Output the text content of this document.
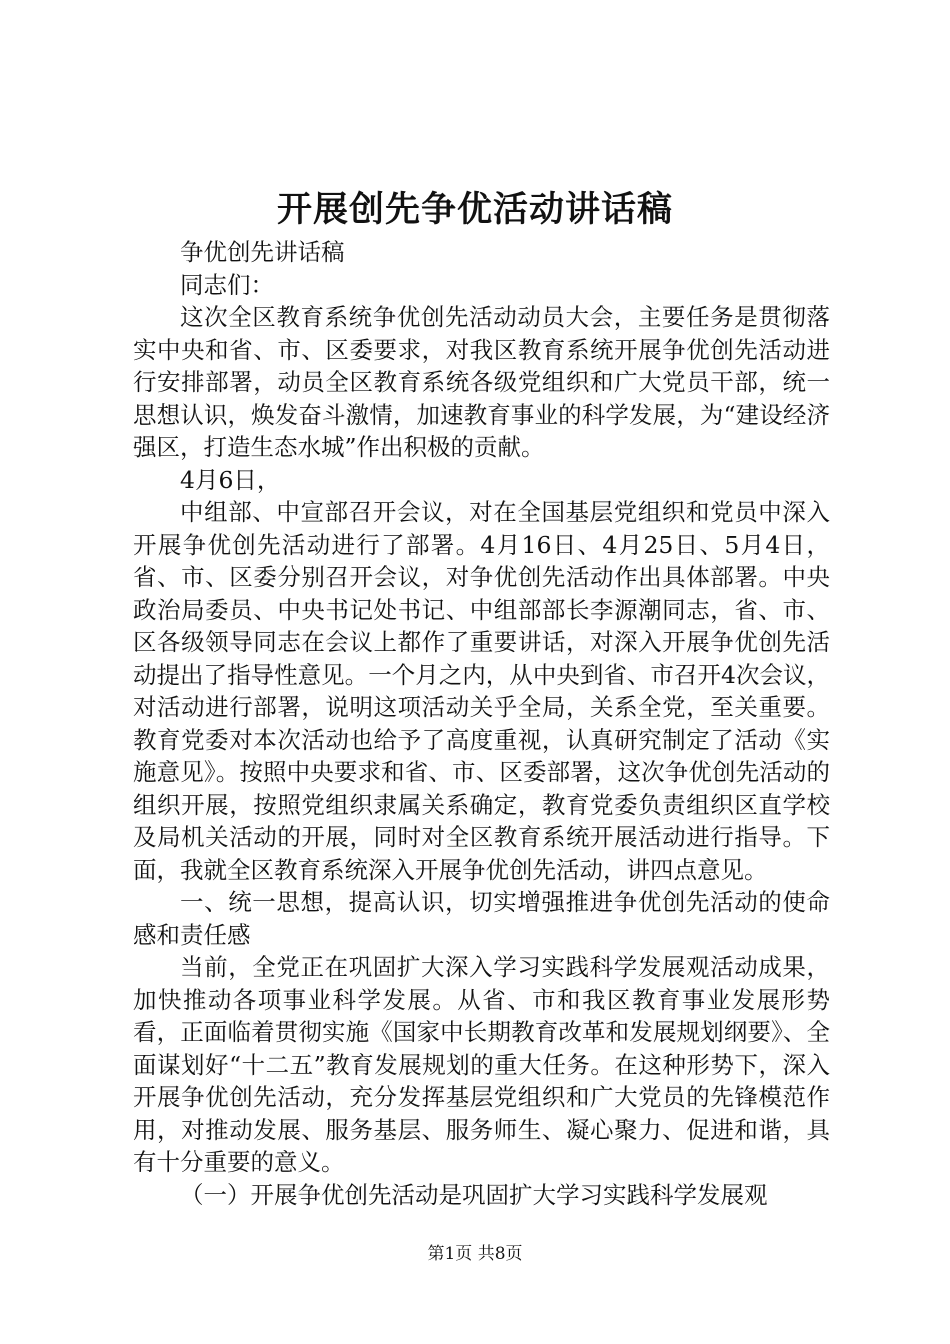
开展创先争优活动讲话稿

争优创先讲话稿

同志们：

这次全区教育系统争优创先活动动员大会，主要任务是贯彻落实中央和省、市、区委要求，对我区教育系统开展争优创先活动进行安排部署，动员全区教育系统各级党组织和广大党员干部，统一思想认识，焕发奋斗激情，加速教育事业的科学发展，为“建设经济强区，打造生态水城”作出积极的贡献。

4月6日，

中组部、中宣部召开会议，对在全国基层党组织和党员中深入开展争优创先活动进行了部署。4月16日、4月25日、5月4日，省、市、区委分别召开会议，对争优创先活动作出具体部署。中央政治局委员、中央书记处书记、中组部部长李源潮同志，省、市、区各级领导同志在会议上都作了重要讲话，对深入开展争优创先活动提出了指导性意见。一个月之内，从中央到省、市召开4次会议，对活动进行部署，说明这项活动关乎全局，关系全党，至关重要。教育党委对本次活动也给予了高度重视，认真研究制定了活动《实施意见》。按照中央要求和省、市、区委部署，这次争优创先活动的组织开展，按照党组织隶属关系确定，教育党委负责组织区直学校及局机关活动的开展，同时对全区教育系统开展活动进行指导。下面，我就全区教育系统深入开展争优创先活动，讲四点意见。

一、统一思想，提高认识，切实增强推进争优创先活动的使命感和责任感

当前，全党正在巩固扩大深入学习实践科学发展观活动成果，加快推动各项事业科学发展。从省、市和我区教育事业发展形势看，正面临着贯彻实施《国家中长期教育改革和发展规划纲要》、全面谋划好“十二五”教育发展规划的重大任务。在这种形势下，深入开展争优创先活动，充分发挥基层党组织和广大党员的先锋模范作用，对推动发展、服务基层、服务师生、凝心聚力、促进和谐，具有十分重要的意义。

（一）开展争优创先活动是巩固扩大学习实践科学发展观

第1页 共8页
